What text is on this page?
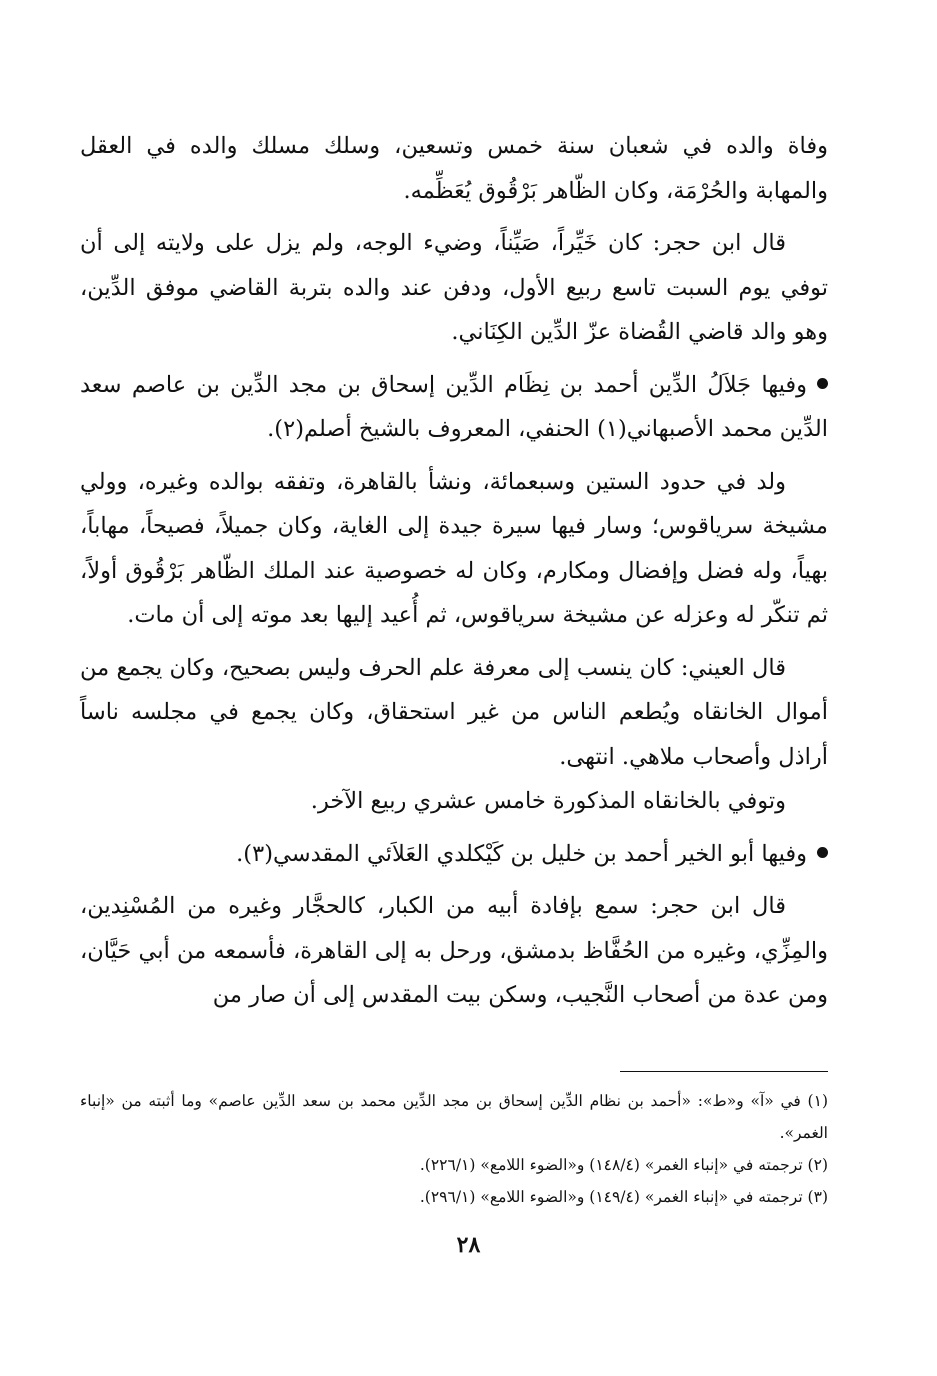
وفاة والده في شعبان سنة خمس وتسعين، وسلك مسلك والده في العقل والمهابة والحُرْمَة، وكان الظّاهر بَرْقُوق يُعَظِّمه.

قال ابن حجر: كان خَيِّراً، صَيِّناً، وضيء الوجه، ولم يزل على ولايته إلى أن توفي يوم السبت تاسع ربيع الأول، ودفن عند والده بتربة القاضي موفق الدِّين، وهو والد قاضي القُضاة عزّ الدِّين الكِنَاني.

وفيها جَلاَلُ الدِّين أحمد بن نِظَام الدِّين إسحاق بن مجد الدِّين بن عاصم سعد الدِّين محمد الأصبهاني(١) الحنفي، المعروف بالشيخ أصلم(٢).

ولد في حدود الستين وسبعمائة، ونشأ بالقاهرة، وتفقه بوالده وغيره، وولي مشيخة سرياقوس؛ وسار فيها سيرة جيدة إلى الغاية، وكان جميلاً، فصيحاً، مهاباً، بهياً، وله فضل وإفضال ومكارم، وكان له خصوصية عند الملك الظّاهر بَرْقُوق أولاً، ثم تنكّر له وعزله عن مشيخة سرياقوس، ثم أُعيد إليها بعد موته إلى أن مات.

قال العيني: كان ينسب إلى معرفة علم الحرف وليس بصحيح، وكان يجمع من أموال الخانقاه ويُطعم الناس من غير استحقاق، وكان يجمع في مجلسه ناساً أراذل وأصحاب ملاهي. انتهى.

وتوفي بالخانقاه المذكورة خامس عشري ربيع الآخر.

وفيها أبو الخير أحمد بن خليل بن كَيْكلدي العَلاَئي المقدسي(٣).

قال ابن حجر: سمع بإفادة أبيه من الكبار، كالحجَّار وغيره من المُسْنِدين، والمِزِّي، وغيره من الحُفَّاظ بدمشق، ورحل به إلى القاهرة، فأسمعه من أبي حَيَّان، ومن عدة من أصحاب النَّجيب، وسكن بيت المقدس إلى أن صار من

(١) في «آ» و«ط»: «أحمد بن نظام الدِّين إسحاق بن مجد الدِّين محمد بن سعد الدِّين عاصم» وما أثبته من «إنباء الغمر».

(٢) ترجمته في «إنباء الغمر» (١٤٨/٤) و«الضوء اللامع» (٢٢٦/١).

(٣) ترجمته في «إنباء الغمر» (١٤٩/٤) و«الضوء اللامع» (٢٩٦/١).

٢٨
